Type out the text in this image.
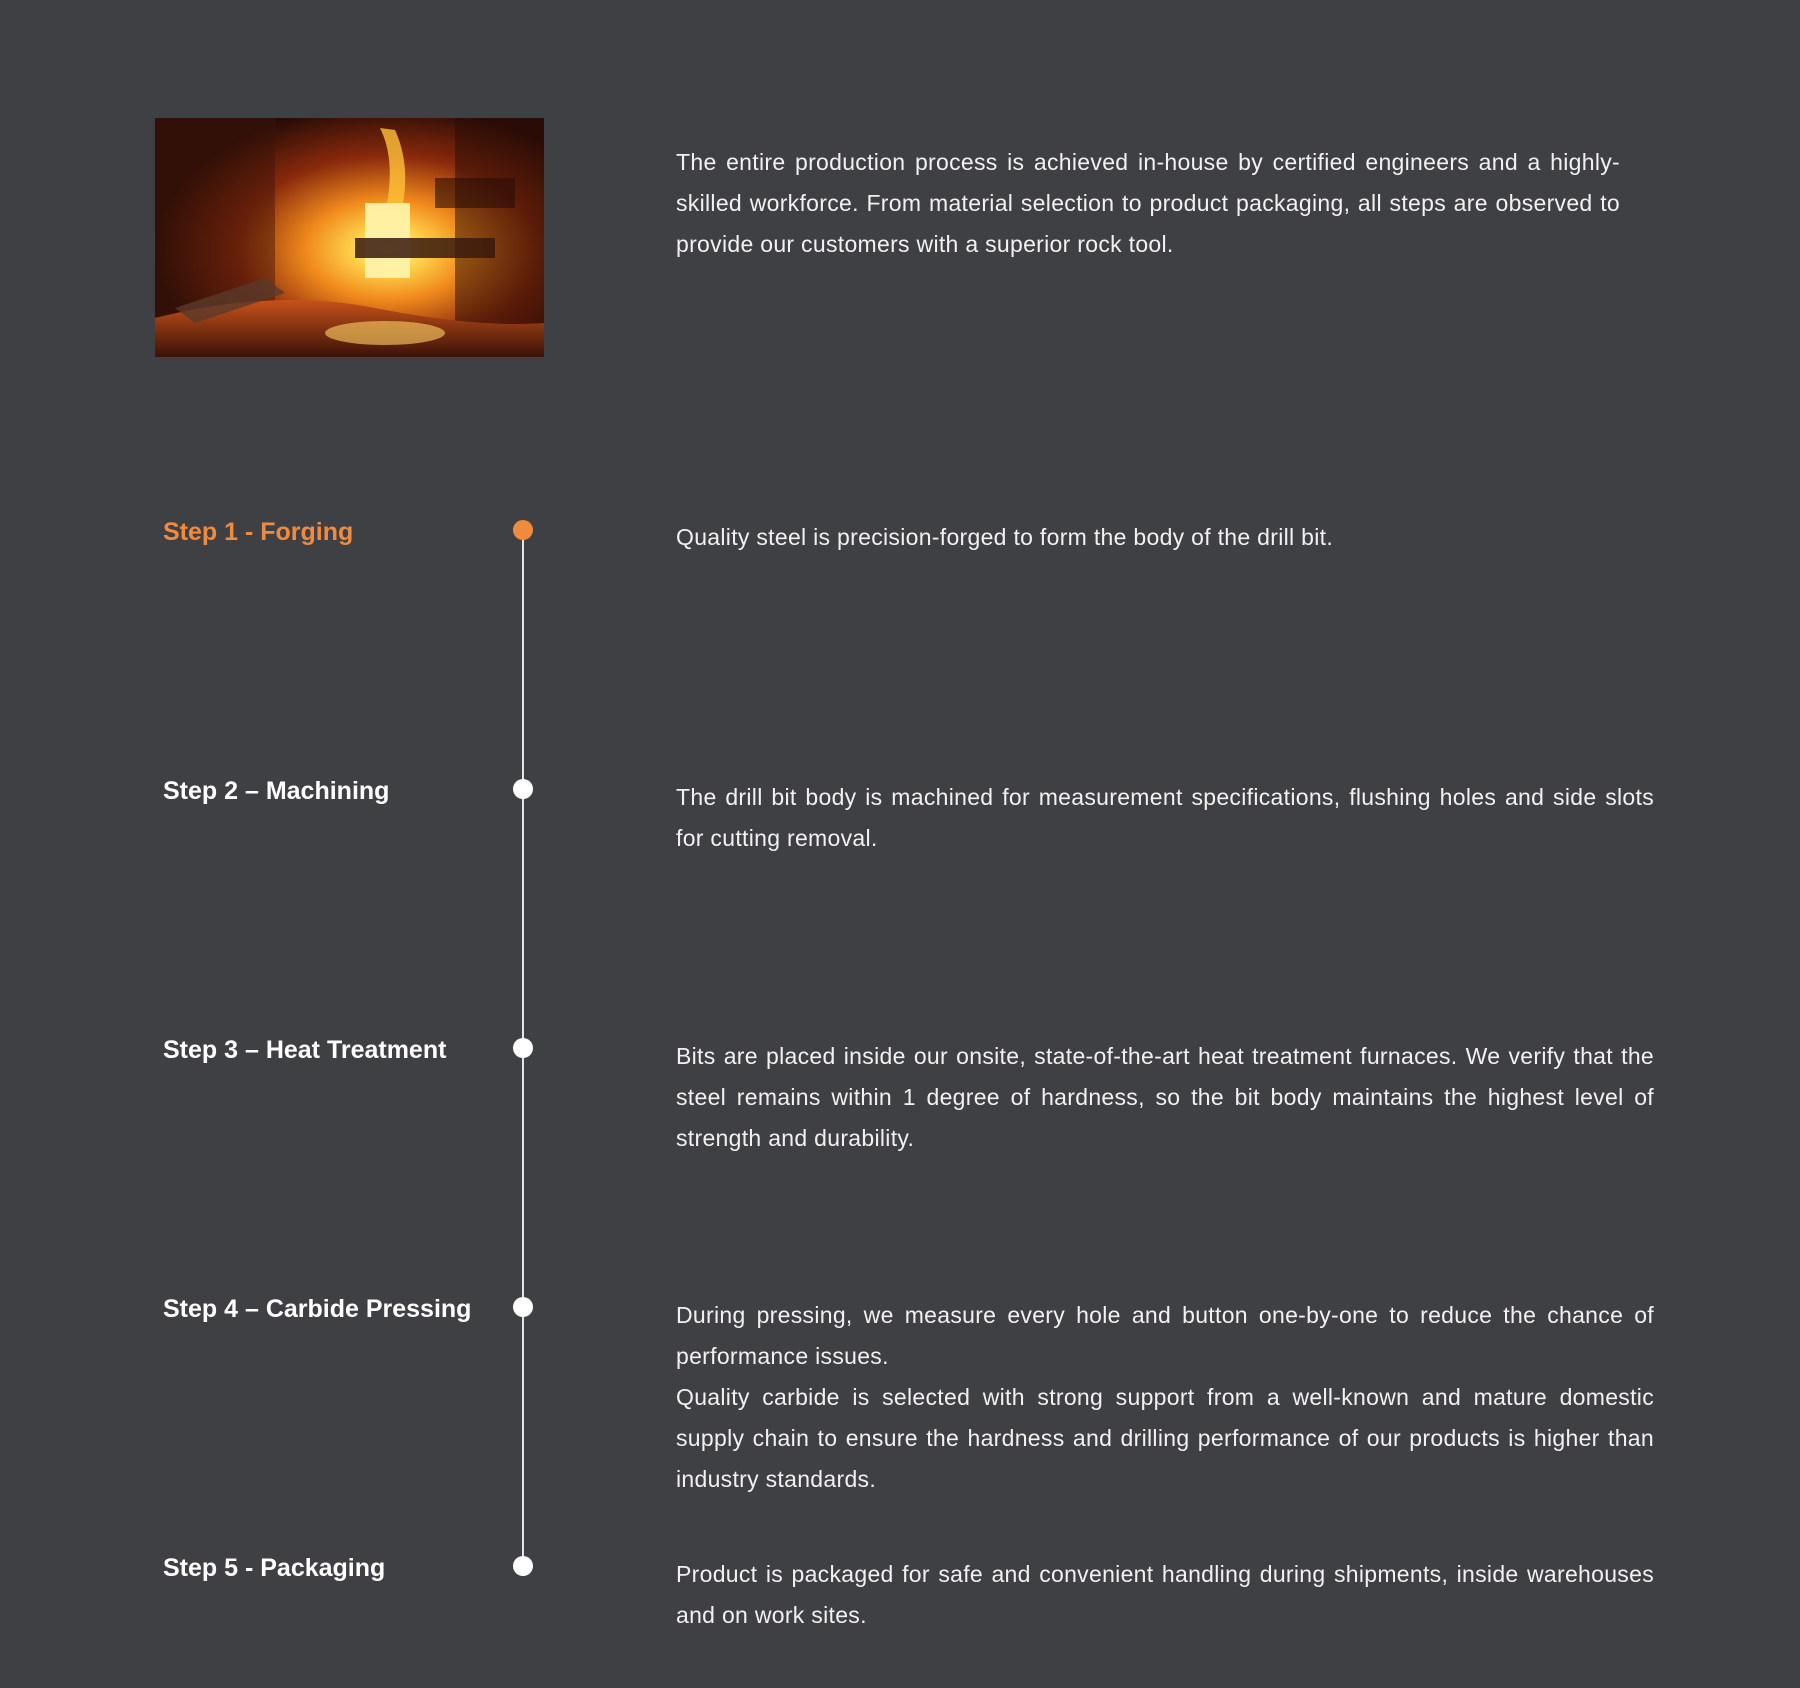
The entire production process is achieved in-house by certified engineers and a highly-skilled workforce. From material selection to product packaging, all steps are observed to provide our customers with a superior rock tool.

Step 1 - Forging	Quality steel is precision-forged to form the body of the drill bit.

Step 2 – Machining	The drill bit body is machined for measurement specifications, flushing holes and side slots for cutting removal.

Step 3 – Heat Treatment	Bits are placed inside our onsite, state-of-the-art heat treatment furnaces. We verify that the steel remains within 1 degree of hardness, so the bit body maintains the highest level of strength and durability.

Step 4 – Carbide Pressing	During pressing, we measure every hole and button one-by-one to reduce the chance of performance issues.

Quality carbide is selected with strong support from a well-known and mature domestic supply chain to ensure the hardness and drilling performance of our products is higher than industry standards.

Step 5 - Packaging	Product is packaged for safe and convenient handling during shipments, inside warehouses and on work sites.
